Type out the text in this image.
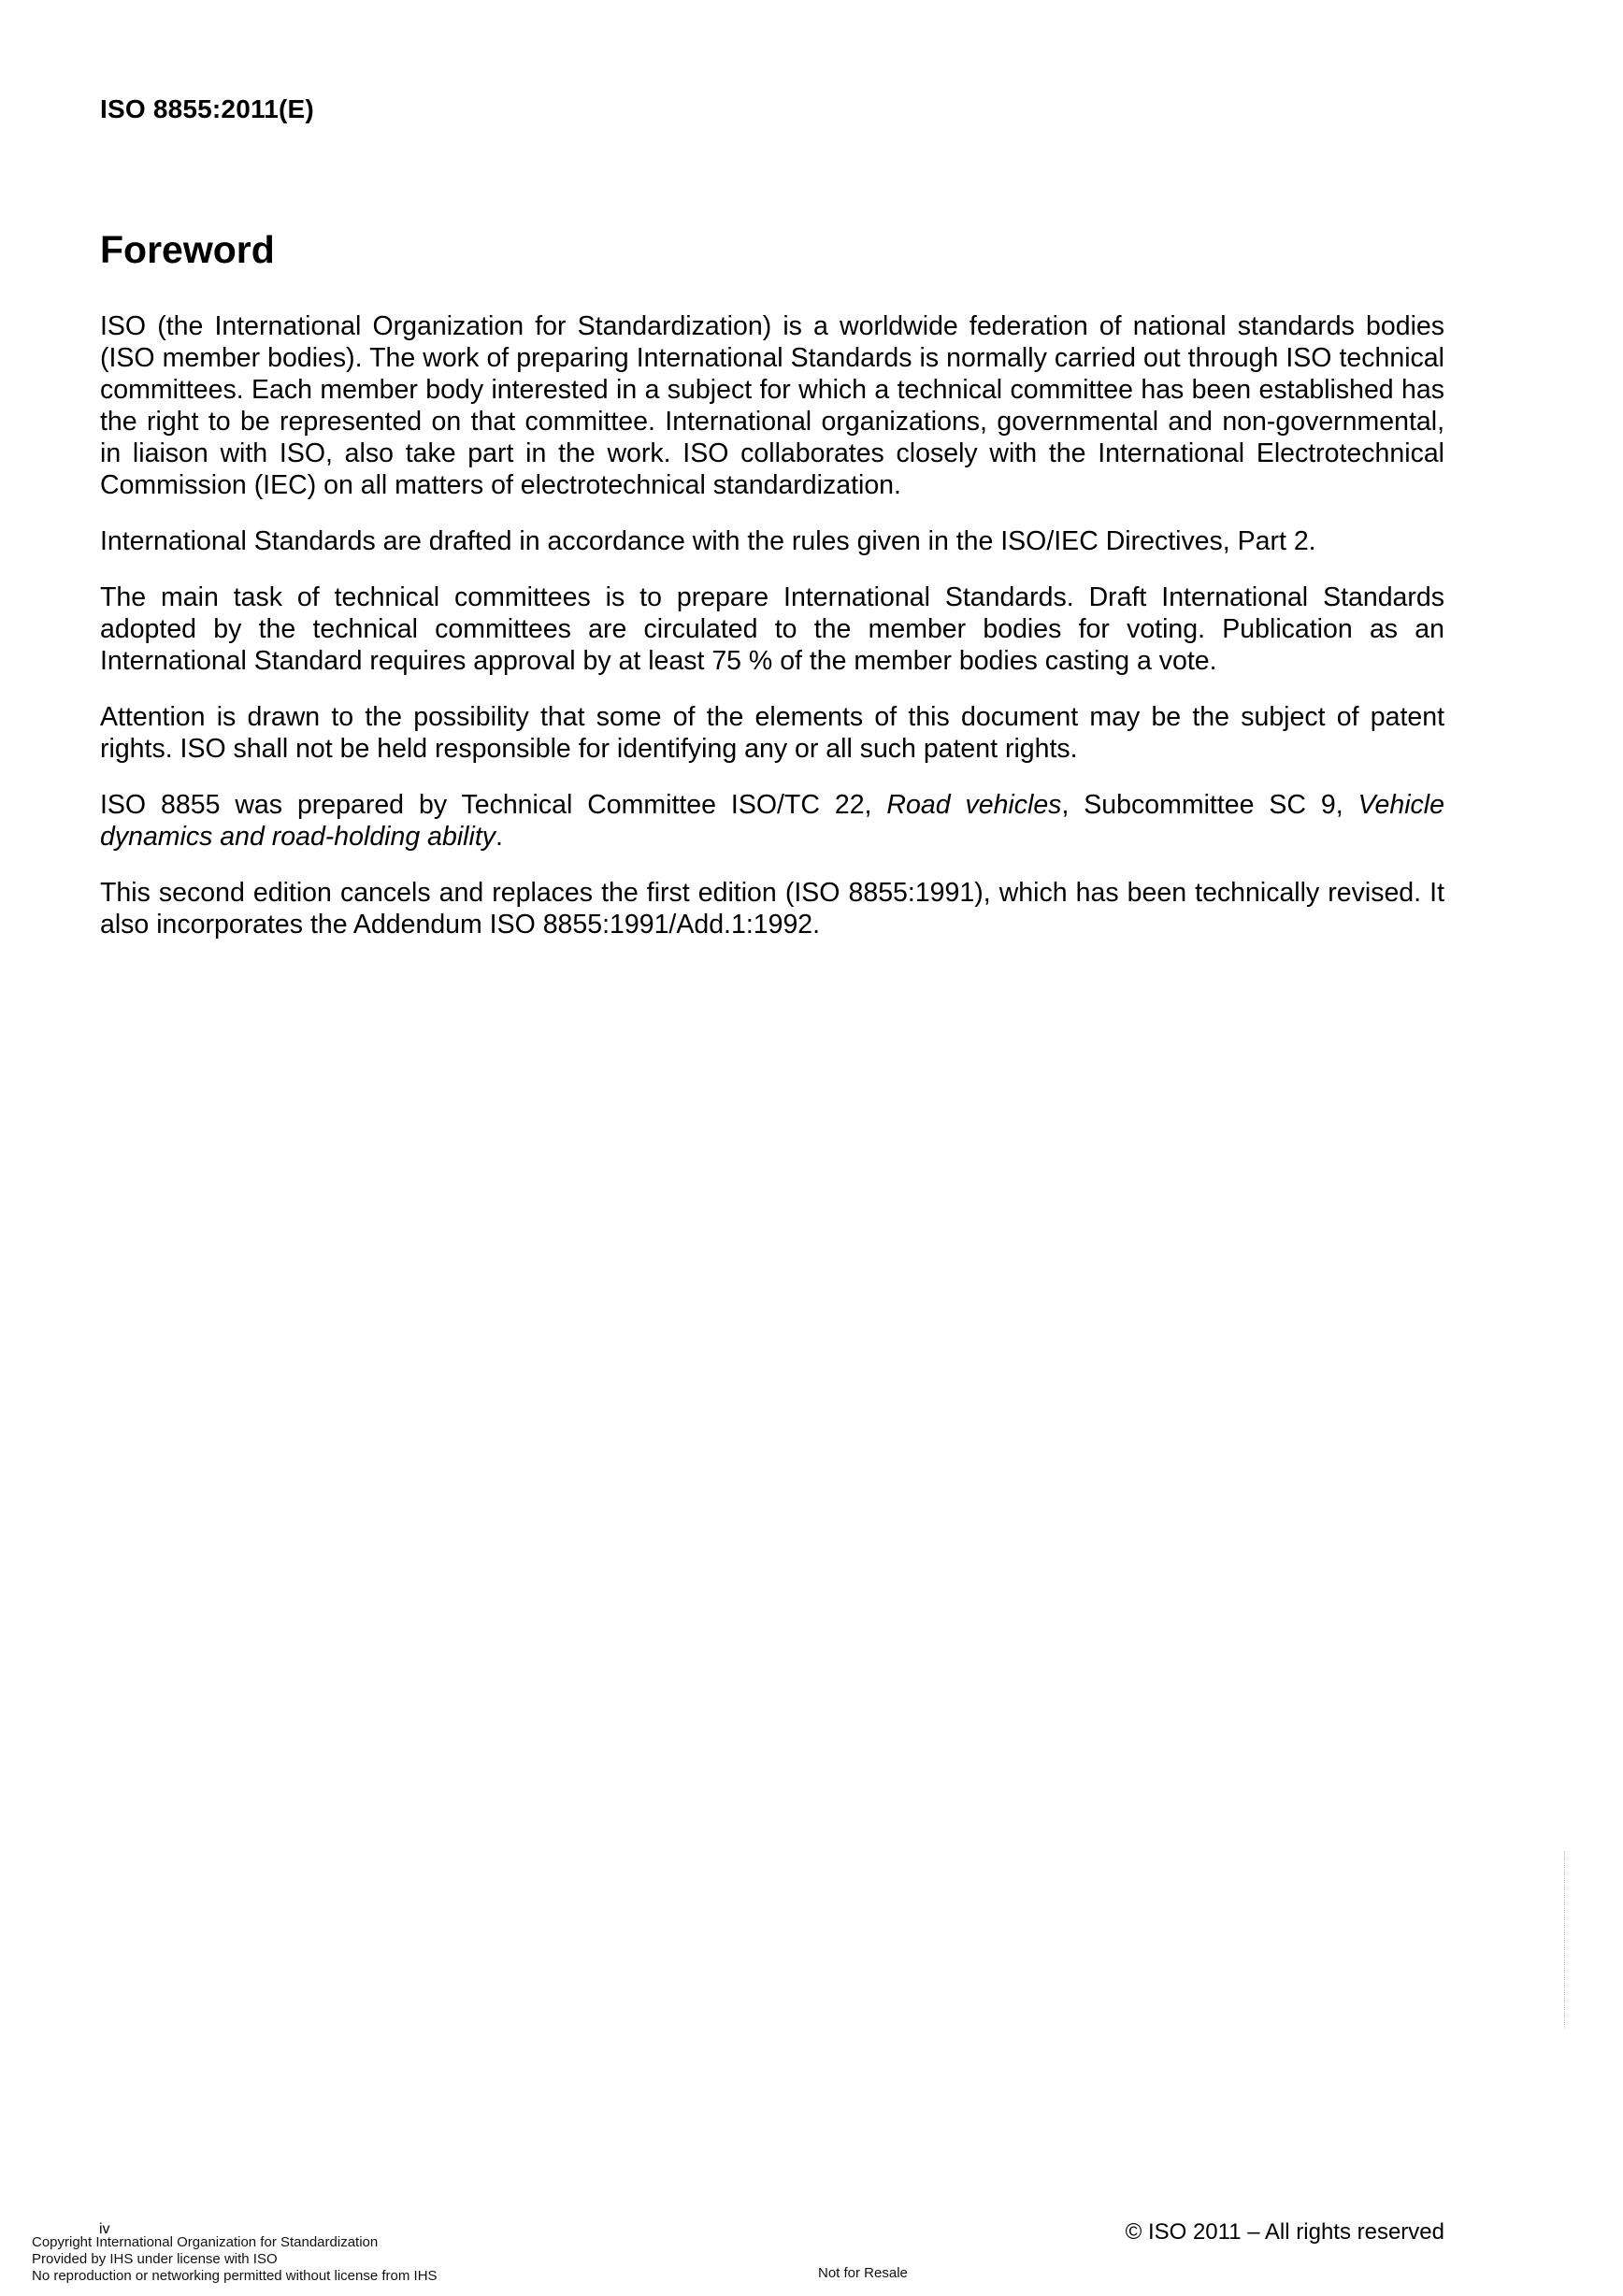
ISO 8855:2011(E)
Foreword

ISO (the International Organization for Standardization) is a worldwide federation of national standards bodies (ISO member bodies). The work of preparing International Standards is normally carried out through ISO technical committees. Each member body interested in a subject for which a technical committee has been established has the right to be represented on that committee. International organizations, governmental and non-governmental, in liaison with ISO, also take part in the work. ISO collaborates closely with the International Electrotechnical Commission (IEC) on all matters of electrotechnical standardization.

International Standards are drafted in accordance with the rules given in the ISO/IEC Directives, Part 2.

The main task of technical committees is to prepare International Standards. Draft International Standards adopted by the technical committees are circulated to the member bodies for voting. Publication as an International Standard requires approval by at least 75 % of the member bodies casting a vote.

Attention is drawn to the possibility that some of the elements of this document may be the subject of patent rights. ISO shall not be held responsible for identifying any or all such patent rights.

ISO 8855 was prepared by Technical Committee ISO/TC 22, Road vehicles, Subcommittee SC 9, Vehicle dynamics and road-holding ability.

This second edition cancels and replaces the first edition (ISO 8855:1991), which has been technically revised. It also incorporates the Addendum ISO 8855:1991/Add.1:1992.

iv
Copyright International Organization for Standardization
Provided by IHS under license with ISO
No reproduction or networking permitted without license from IHS	Not for Resale
© ISO 2011 – All rights reserved
